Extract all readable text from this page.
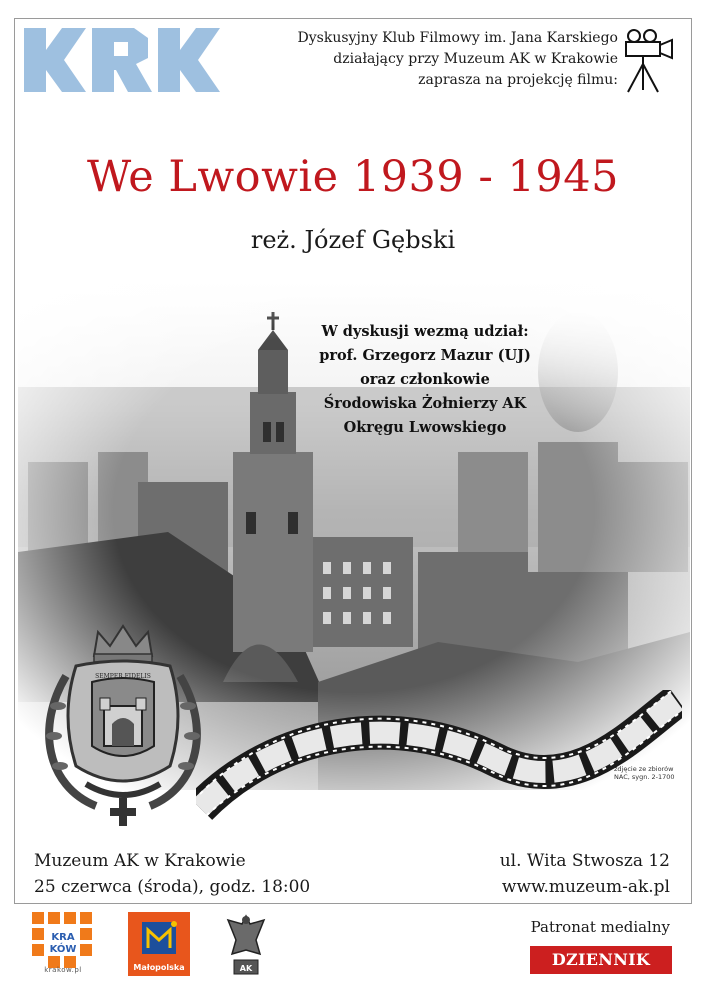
Dyskusyjny Klub Filmowy im. Jana Karskiego
działający przy Muzeum AK w Krakowie
zaprasza na projekcję filmu:
We Lwowie 1939 - 1945
reż. Józef Gębski
SEMPER FIDELIS
W dyskusji wezmą udział:
prof. Grzegorz Mazur (UJ)
oraz członkowie
Środowiska Żołnierzy AK
Okręgu Lwowskiego
zdjęcie ze zbiorów
NAC, sygn. 2-1700
Muzeum AK w Krakowie
25 czerwca (środa), godz. 18:00
ul. Wita Stwosza 12
www.muzeum-ak.pl
KRA
KÓW
krakow.pl	Małopolska	AK
Patronat medialny
DZIENNIK POLSKI
